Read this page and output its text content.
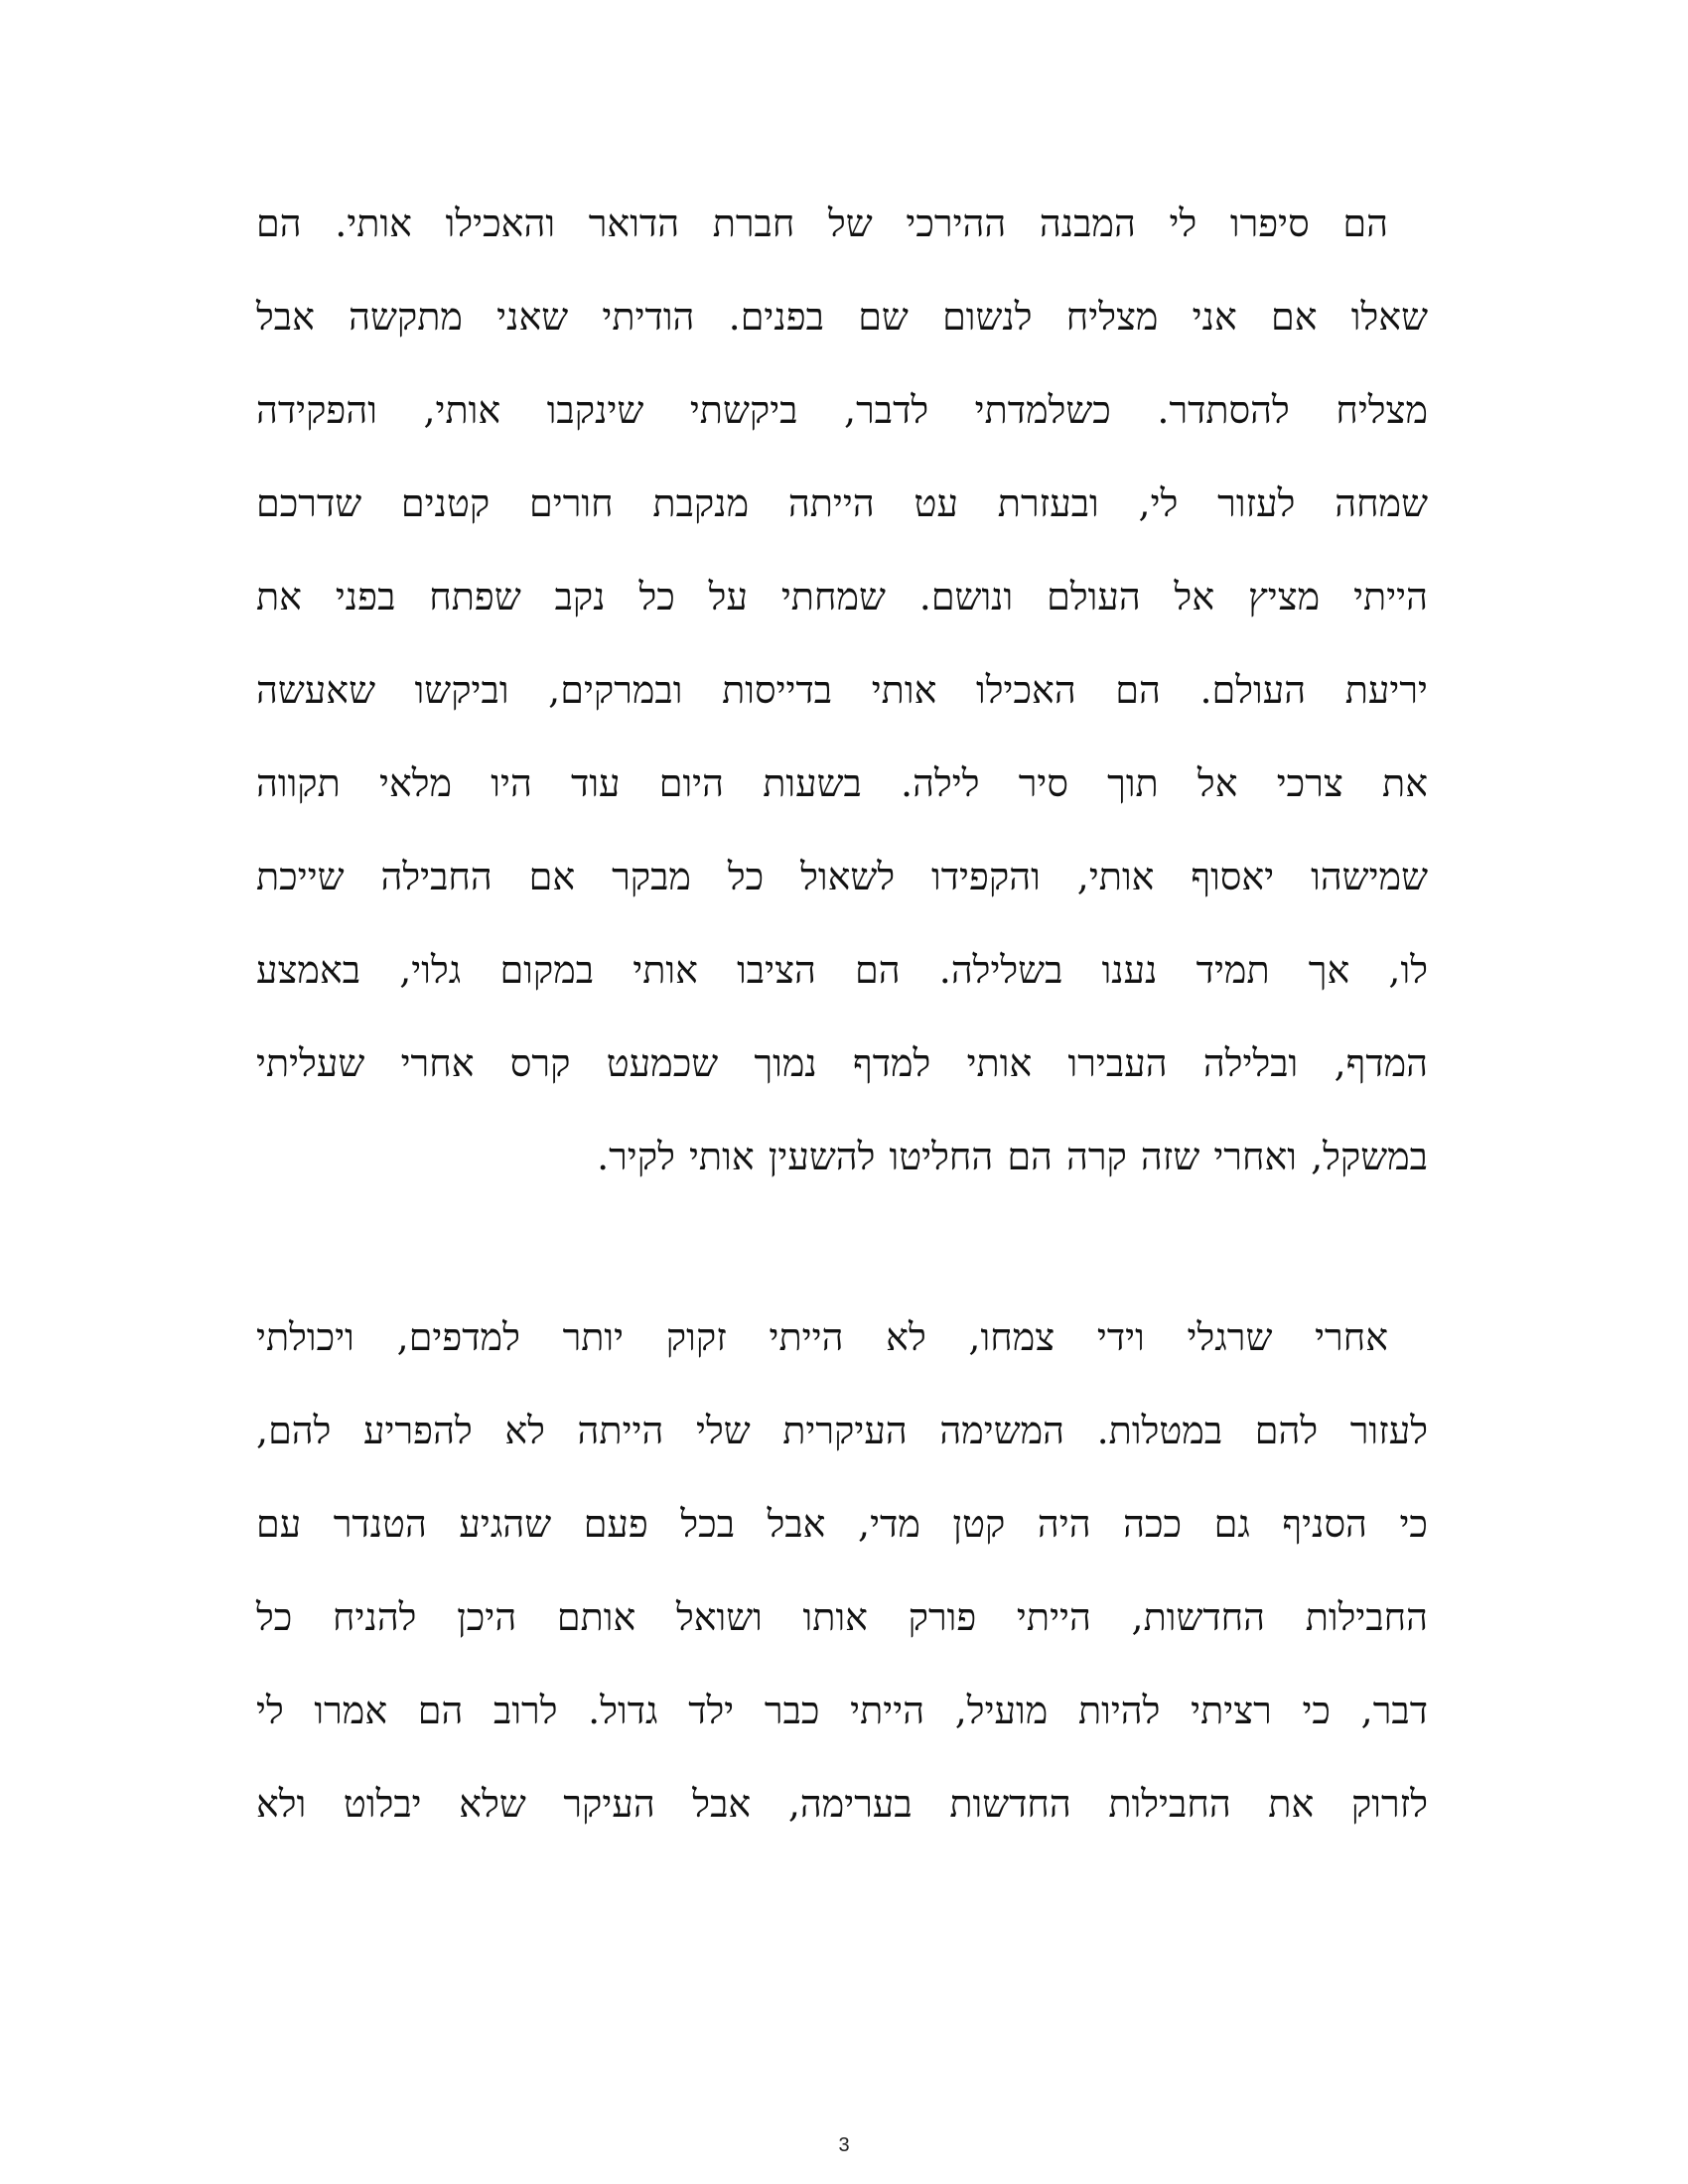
הם סיפרו לי המבנה ההירכי של חברת הדואר והאכילו אותי. הם
שאלו אם אני מצליח לנשום שם בפנים. הודיתי שאני מתקשה אבל
מצליח להסתדר. כשלמדתי לדבר, ביקשתי שינקבו אותי, והפקידה
שמחה לעזור לי, ובעזרת עט הייתה מנקבת חורים קטנים שדרכם
הייתי מציץ אל העולם ונושם. שמחתי על כל נקב שפתח בפני את
יריעת העולם. הם האכילו אותי בדייסות ובמרקים, וביקשו שאעשה
את צרכי אל תוך סיר לילה. בשעות היום עוד היו מלאי תקווה
שמישהו יאסוף אותי, והקפידו לשאול כל מבקר אם החבילה שייכת
לו, אך תמיד נענו בשלילה. הם הציבו אותי במקום גלוי, באמצע
המדף, ובלילה העבירו אותי למדף נמוך שכמעט קרס אחרי שעליתי
במשקל, ואחרי שזה קרה הם החליטו להשעין אותי לקיר.
אחרי שרגלי וידי צמחו, לא הייתי זקוק יותר למדפים, ויכולתי
לעזור להם במטלות. המשימה העיקרית שלי הייתה לא להפריע להם,
כי הסניף גם ככה היה קטן מדי, אבל בכל פעם שהגיע הטנדר עם
החבילות החדשות, הייתי פורק אותו ושואל אותם היכן להניח כל
דבר, כי רציתי להיות מועיל, הייתי כבר ילד גדול. לרוב הם אמרו לי
לזרוק את החבילות החדשות בערימה, אבל העיקר שלא יבלוט ולא
3
